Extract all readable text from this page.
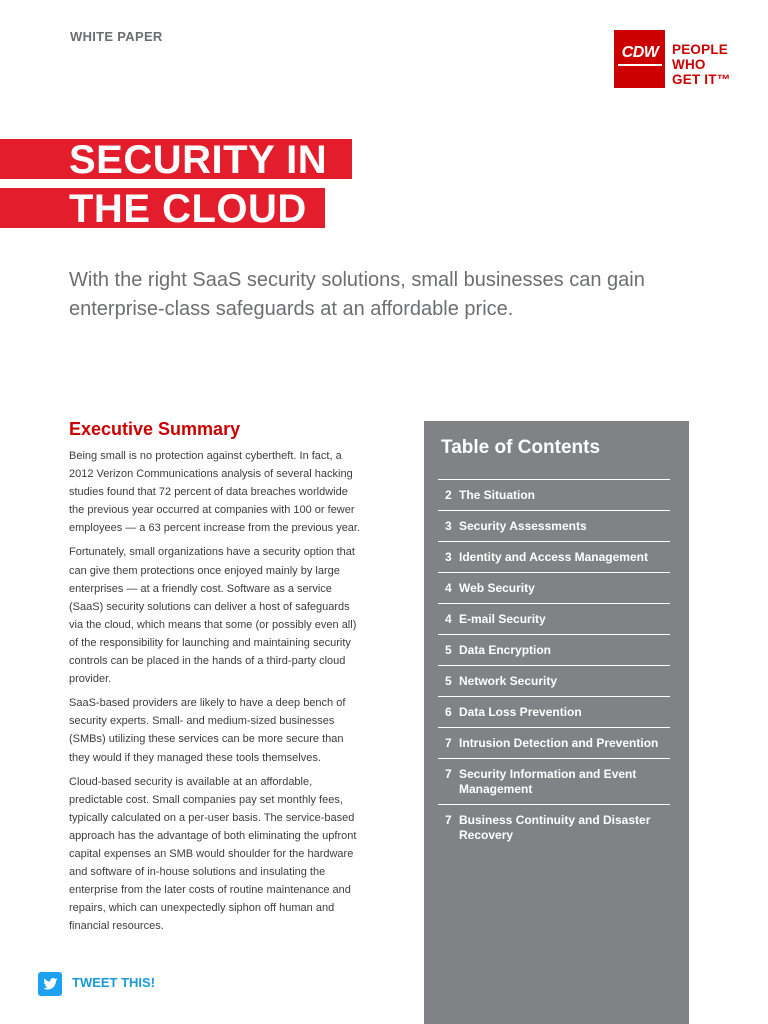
WHITE PAPER
CDW	PEOPLE
WHO
GET IT™
SECURITY IN
THE CLOUD
With the right SaaS security solutions, small businesses can gain enterprise-class safeguards at an affordable price.
Executive Summary

Being small is no protection against cybertheft. In fact, a 2012 Verizon Communications analysis of several hacking studies found that 72 percent of data breaches worldwide the previous year occurred at companies with 100 or fewer employees — a 63 percent increase from the previous year.

Fortunately, small organizations have a security option that can give them protections once enjoyed mainly by large enterprises — at a friendly cost. Software as a service (SaaS) security solutions can deliver a host of safeguards via the cloud, which means that some (or possibly even all) of the responsibility for launching and maintaining security controls can be placed in the hands of a third-party cloud provider.

SaaS-based providers are likely to have a deep bench of security experts. Small- and medium-sized businesses (SMBs) utilizing these services can be more secure than they would if they managed these tools themselves.

Cloud-based security is available at an affordable, predictable cost. Small companies pay set monthly fees, typically calculated on a per-user basis. The service-based approach has the advantage of both eliminating the upfront capital expenses an SMB would shoulder for the hardware and software of in-house solutions and insulating the enterprise from the later costs of routine maintenance and repairs, which can unexpectedly siphon off human and financial resources.

Table of Contents
2 The Situation
3 Security Assessments
3 Identity and Access Management
4 Web Security
4 E-mail Security
5 Data Encryption
5 Network Security
6 Data Loss Prevention
7 Intrusion Detection and Prevention
7 Security Information and Event Management
7 Business Continuity and Disaster Recovery
TWEET THIS!
